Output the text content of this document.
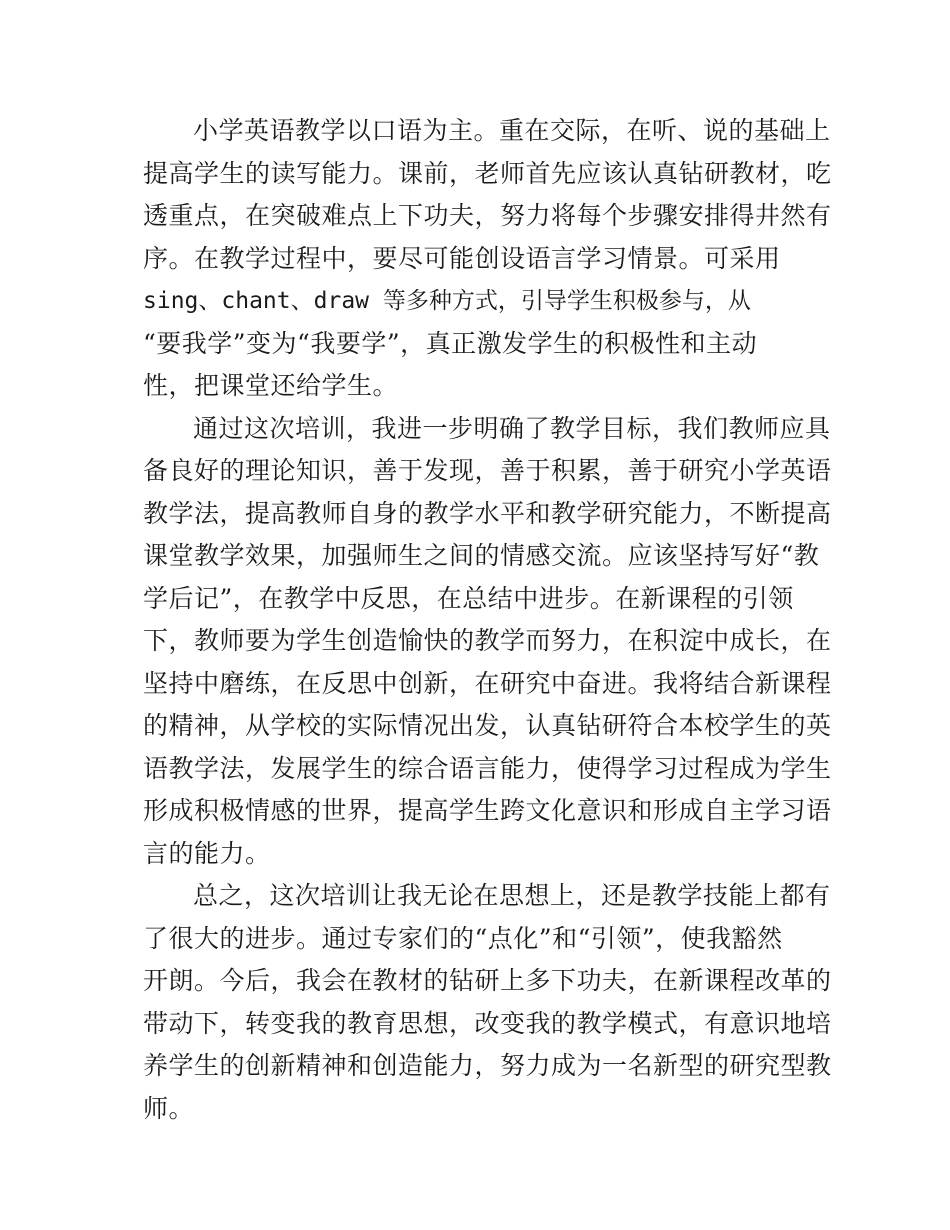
小学英语教学以口语为主。重在交际，在听、说的基础上
提高学生的读写能力。课前，老师首先应该认真钻研教材，吃
透重点，在突破难点上下功夫，努力将每个步骤安排得井然有
序。在教学过程中，要尽可能创设语言学习情景。可采用
sing、chant、draw 等多种方式，引导学生积极参与，从
“要我学”变为“我要学”，真正激发学生的积极性和主动
性，把课堂还给学生。

通过这次培训，我进一步明确了教学目标，我们教师应具
备良好的理论知识，善于发现，善于积累，善于研究小学英语
教学法，提高教师自身的教学水平和教学研究能力，不断提高
课堂教学效果，加强师生之间的情感交流。应该坚持写好“教
学后记”，在教学中反思，在总结中进步。在新课程的引领
下，教师要为学生创造愉快的教学而努力，在积淀中成长，在
坚持中磨练，在反思中创新，在研究中奋进。我将结合新课程
的精神，从学校的实际情况出发，认真钻研符合本校学生的英
语教学法，发展学生的综合语言能力，使得学习过程成为学生
形成积极情感的世界，提高学生跨文化意识和形成自主学习语
言的能力。

总之，这次培训让我无论在思想上，还是教学技能上都有
了很大的进步。通过专家们的“点化”和“引领”，使我豁然
开朗。今后，我会在教材的钻研上多下功夫，在新课程改革的
带动下，转变我的教育思想，改变我的教学模式，有意识地培
养学生的创新精神和创造能力，努力成为一名新型的研究型教
师。
